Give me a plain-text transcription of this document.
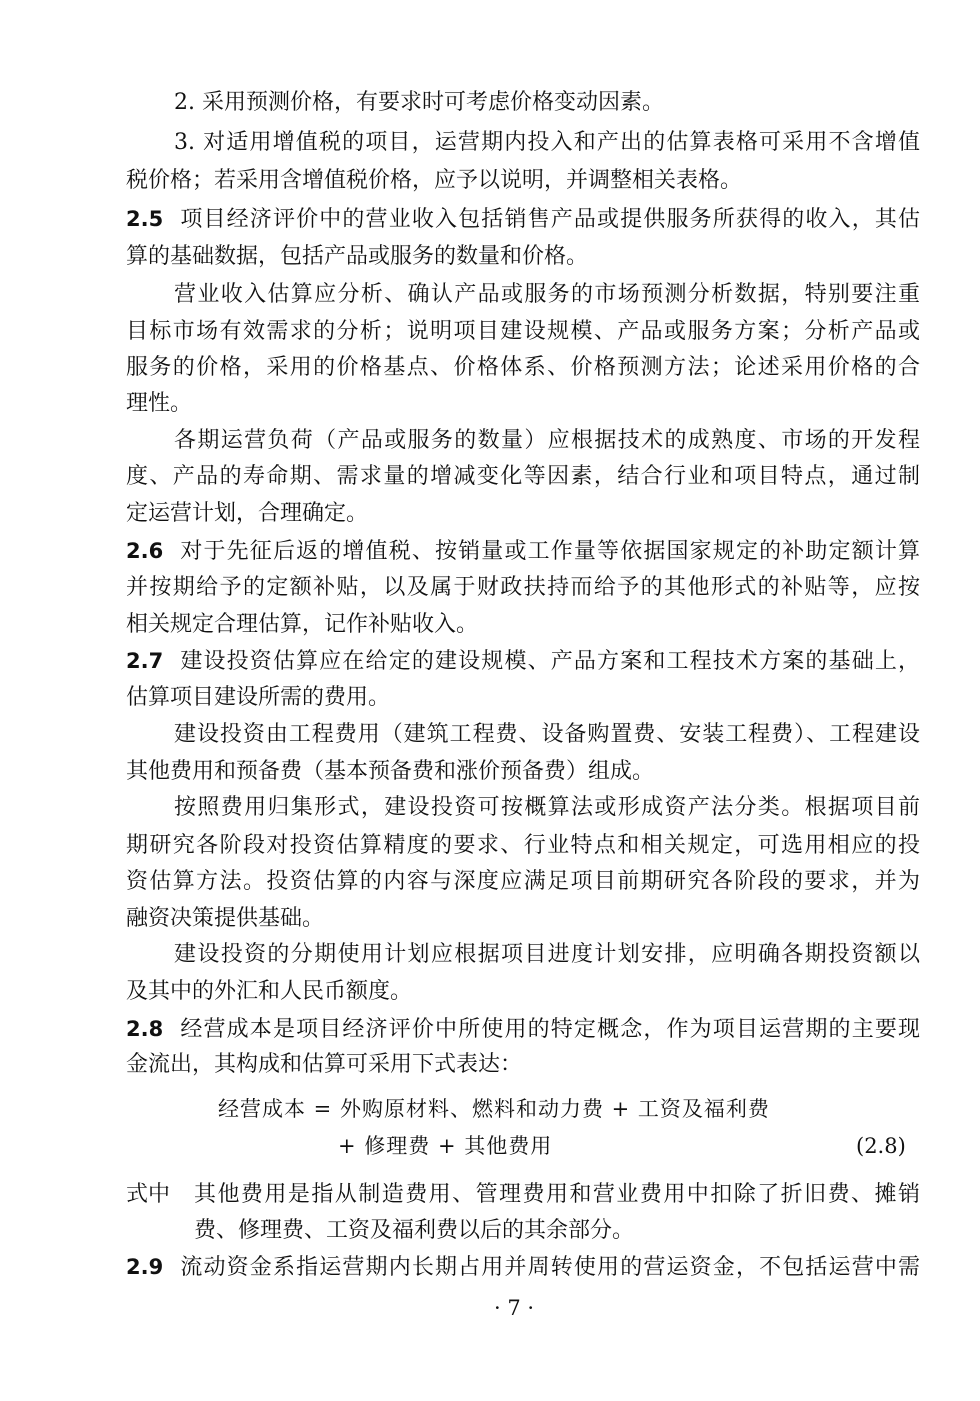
2. 采用预测价格，有要求时可考虑价格变动因素。
3. 对适用增值税的项目，运营期内投入和产出的估算表格可采用不含增值
税价格；若采用含增值税价格，应予以说明，并调整相关表格。
2.5 项目经济评价中的营业收入包括销售产品或提供服务所获得的收入，其估
算的基础数据，包括产品或服务的数量和价格。
营业收入估算应分析、确认产品或服务的市场预测分析数据，特别要注重
目标市场有效需求的分析；说明项目建设规模、产品或服务方案；分析产品或
服务的价格，采用的价格基点、价格体系、价格预测方法；论述采用价格的合
理性。
各期运营负荷（产品或服务的数量）应根据技术的成熟度、市场的开发程
度、产品的寿命期、需求量的增减变化等因素，结合行业和项目特点，通过制
定运营计划，合理确定。
2.6 对于先征后返的增值税、按销量或工作量等依据国家规定的补助定额计算
并按期给予的定额补贴，以及属于财政扶持而给予的其他形式的补贴等，应按
相关规定合理估算，记作补贴收入。
2.7 建设投资估算应在给定的建设规模、产品方案和工程技术方案的基础上，
估算项目建设所需的费用。
建设投资由工程费用（建筑工程费、设备购置费、安装工程费）、工程建设
其他费用和预备费（基本预备费和涨价预备费）组成。
按照费用归集形式，建设投资可按概算法或形成资产法分类。根据项目前
期研究各阶段对投资估算精度的要求、行业特点和相关规定，可选用相应的投
资估算方法。投资估算的内容与深度应满足项目前期研究各阶段的要求，并为
融资决策提供基础。
建设投资的分期使用计划应根据项目进度计划安排，应明确各期投资额以
及其中的外汇和人民币额度。
2.8 经营成本是项目经济评价中所使用的特定概念，作为项目运营期的主要现
金流出，其构成和估算可采用下式表达：
经营成本 = 外购原材料、燃料和动力费 + 工资及福利费
+ 修理费 + 其他费用	(2.8)
式中 其他费用是指从制造费用、管理费用和营业费用中扣除了折旧费、摊销
费、修理费、工资及福利费以后的其余部分。
2.9 流动资金系指运营期内长期占用并周转使用的营运资金，不包括运营中需
· 7 ·
